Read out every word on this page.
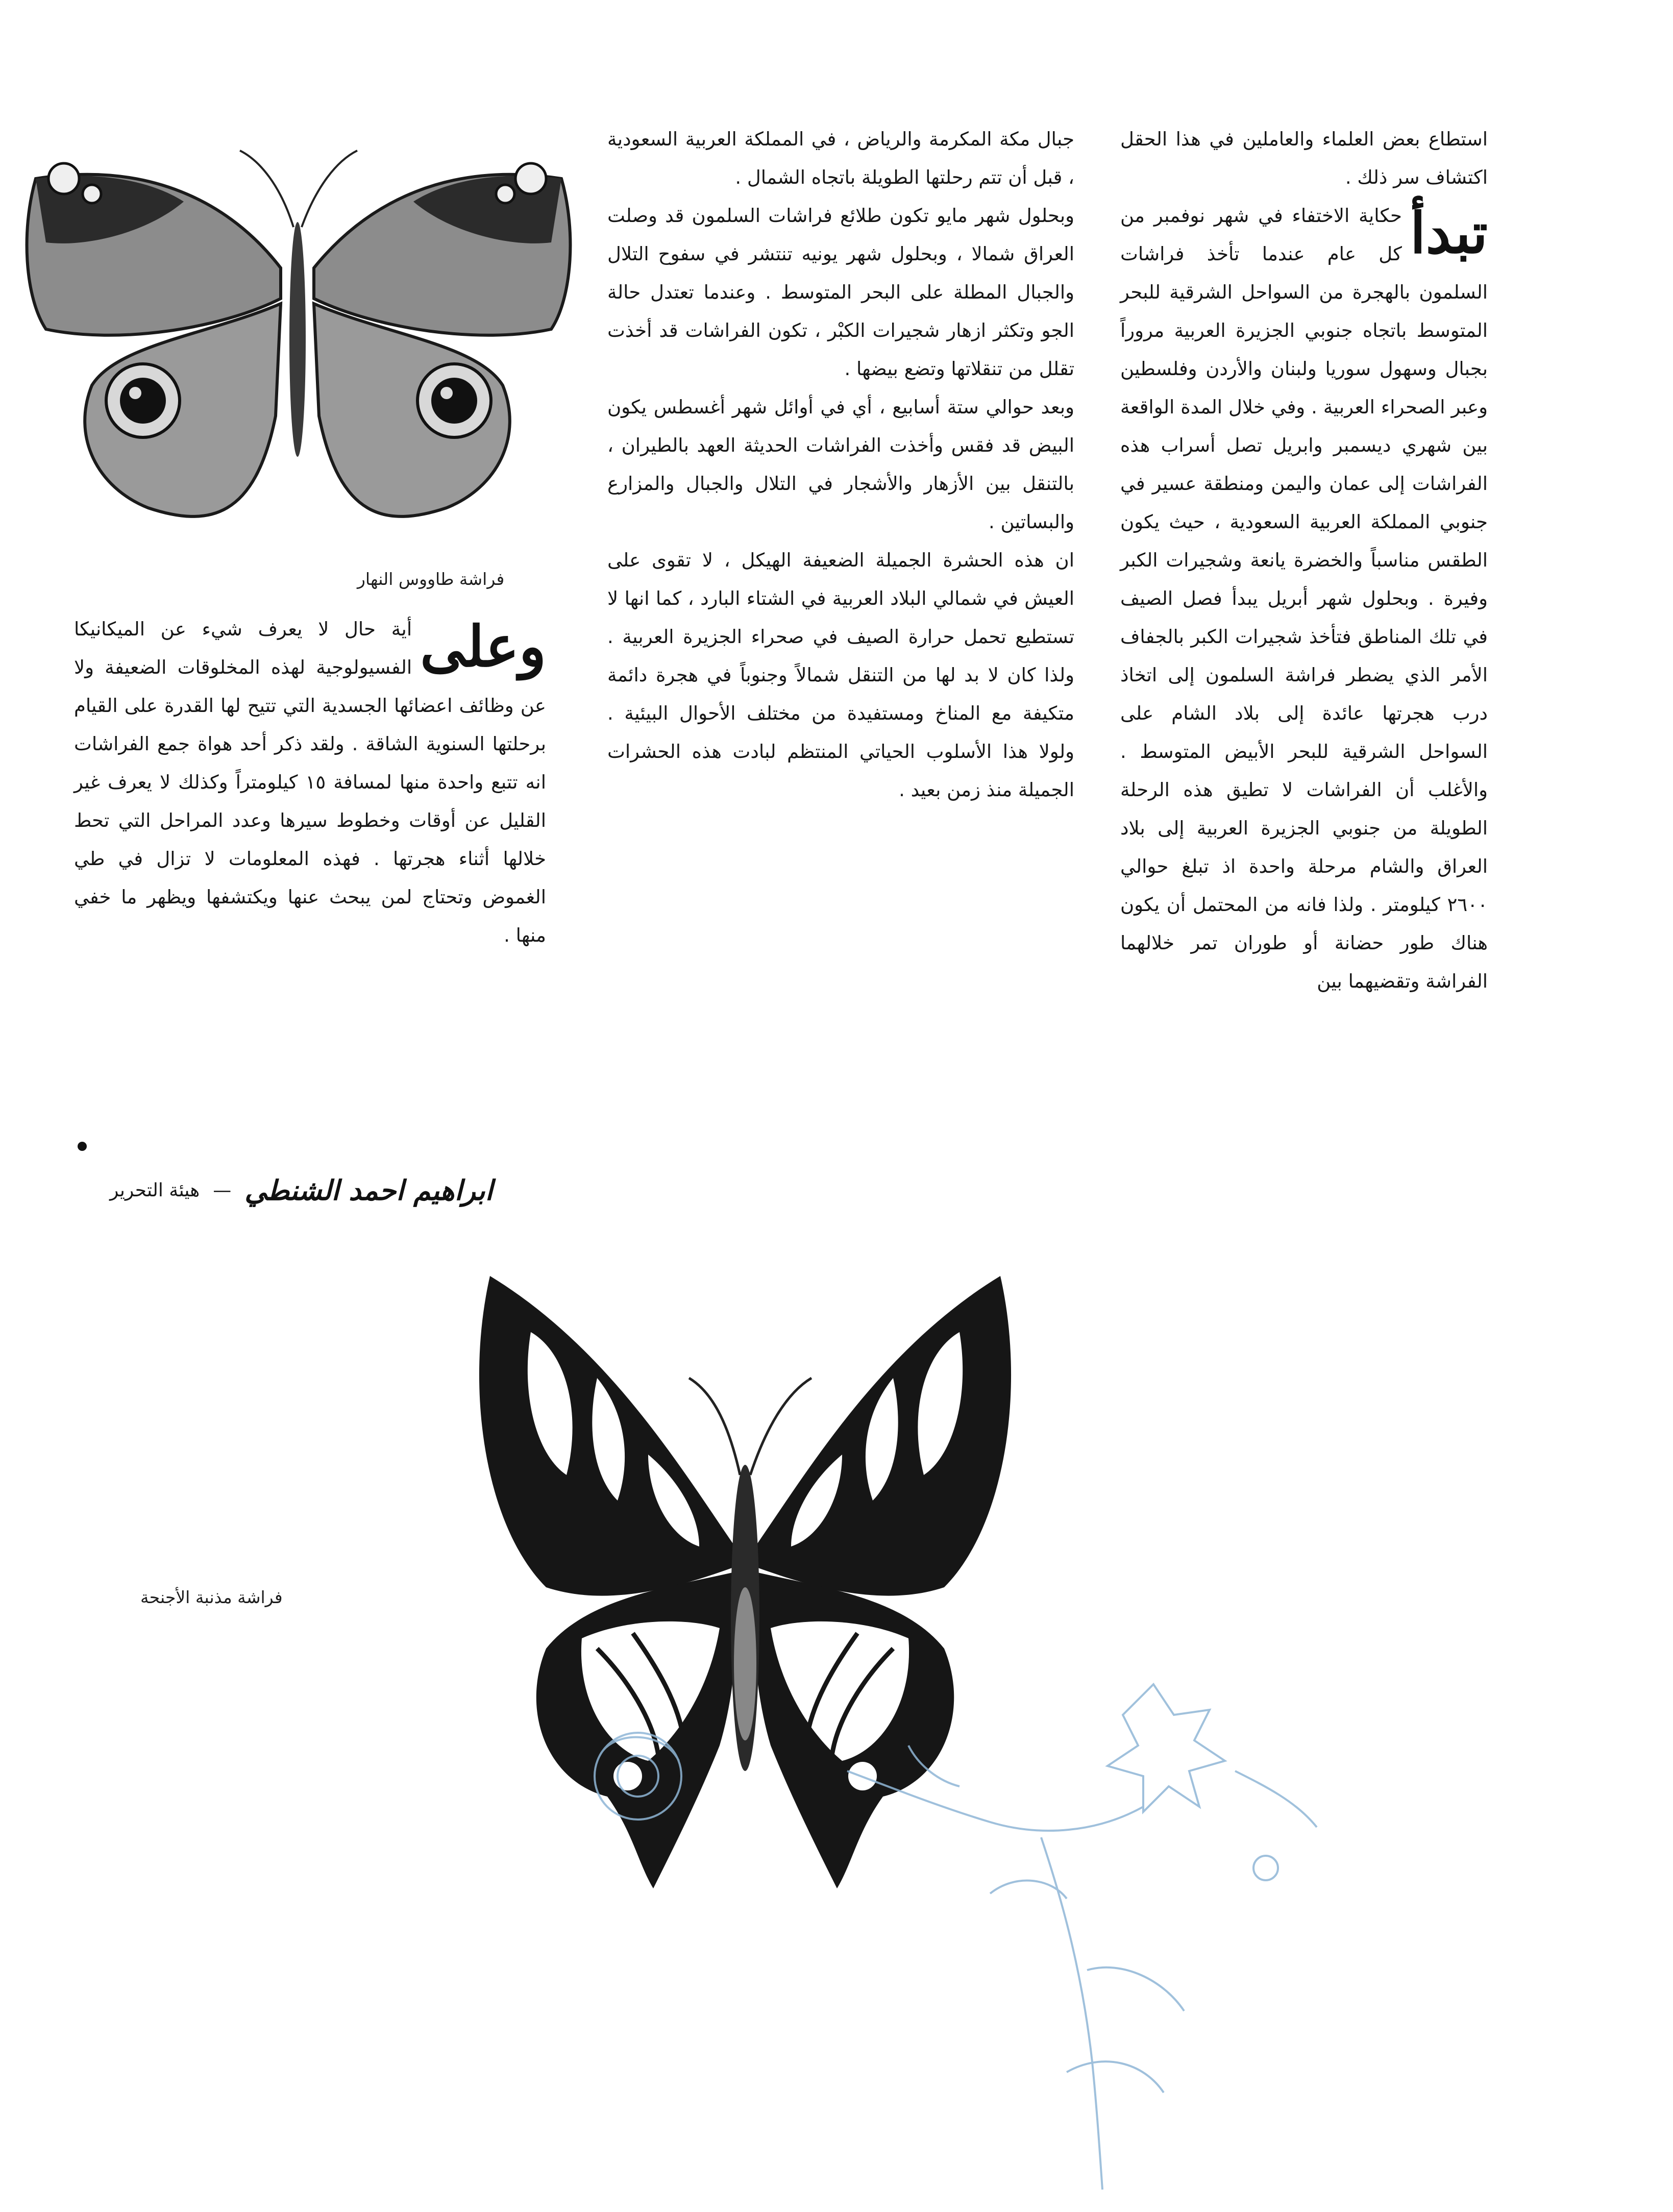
فراشة طاووس النهار

استطاع بعض العلماء والعاملين في هذا الحقل اكتشاف سر ذلك .

تبدأ
حكاية الاختفاء في شهر نوفمبر من كل عام عندما تأخذ فراشات السلمون بالهجرة من السواحل الشرقية للبحر المتوسط باتجاه جنوبي الجزيرة العربية مروراً بجبال وسهول سوريا ولبنان والأردن وفلسطين وعبر الصحراء العربية . وفي خلال المدة الواقعة بين شهري ديسمبر وابريل تصل أسراب هذه الفراشات إلى عمان واليمن ومنطقة عسير في جنوبي المملكة العربية السعودية ، حيث يكون الطقس مناسباً والخضرة يانعة وشجيرات الكبر وفيرة . وبحلول شهر أبريل يبدأ فصل الصيف في تلك المناطق فتأخذ شجيرات الكبر بالجفاف الأمر الذي يضطر فراشة السلمون إلى اتخاذ درب هجرتها عائدة إلى بلاد الشام على السواحل الشرقية للبحر الأبيض المتوسط . والأغلب أن الفراشات لا تطيق هذه الرحلة الطويلة من جنوبي الجزيرة العربية إلى بلاد العراق والشام مرحلة واحدة اذ تبلغ حوالي ٢٦٠٠ كيلومتر . ولذا فانه من المحتمل أن يكون هناك طور حضانة أو طوران تمر خلالهما الفراشة وتقضيهما بين

جبال مكة المكرمة والرياض ، في المملكة العربية السعودية ، قبل أن تتم رحلتها الطويلة باتجاه الشمال .

وبحلول شهر مايو تكون طلائع فراشات السلمون قد وصلت العراق شمالا ، وبحلول شهر يونيه تنتشر في سفوح التلال والجبال المطلة على البحر المتوسط . وعندما تعتدل حالة الجو وتكثر ازهار شجيرات الكبْر ، تكون الفراشات قد أخذت تقلل من تنقلاتها وتضع بيضها .

وبعد حوالي ستة أسابيع ، أي في أوائل شهر أغسطس يكون البيض قد فقس وأخذت الفراشات الحديثة العهد بالطيران ، بالتنقل بين الأزهار والأشجار في التلال والجبال والمزارع والبساتين .

ان هذه الحشرة الجميلة الضعيفة الهيكل ، لا تقوى على العيش في شمالي البلاد العربية في الشتاء البارد ، كما انها لا تستطيع تحمل حرارة الصيف في صحراء الجزيرة العربية . ولذا كان لا بد لها من التنقل شمالاً وجنوباً في هجرة دائمة متكيفة مع المناخ ومستفيدة من مختلف الأحوال البيئية . ولولا هذا الأسلوب الحياتي المنتظم لبادت هذه الحشرات الجميلة منذ زمن بعيد .

وعلى
أية حال لا يعرف شيء عن الميكانيكا الفسيولوجية لهذه المخلوقات الضعيفة ولا عن وظائف اعضائها الجسدية التي تتيح لها القدرة على القيام برحلتها السنوية الشاقة . ولقد ذكر أحد هواة جمع الفراشات انه تتبع واحدة منها لمسافة ١٥ كيلومتراً وكذلك لا يعرف غير القليل عن أوقات وخطوط سيرها وعدد المراحل التي تحط خلالها أثناء هجرتها . فهذه المعلومات لا تزال في طي الغموض وتحتاج لمن يبحث عنها ويكتشفها ويظهر ما خفي منها .

ابراهيم احمد الشنطي
—
هيئة التحرير
فراشة مذنبة الأجنحة
